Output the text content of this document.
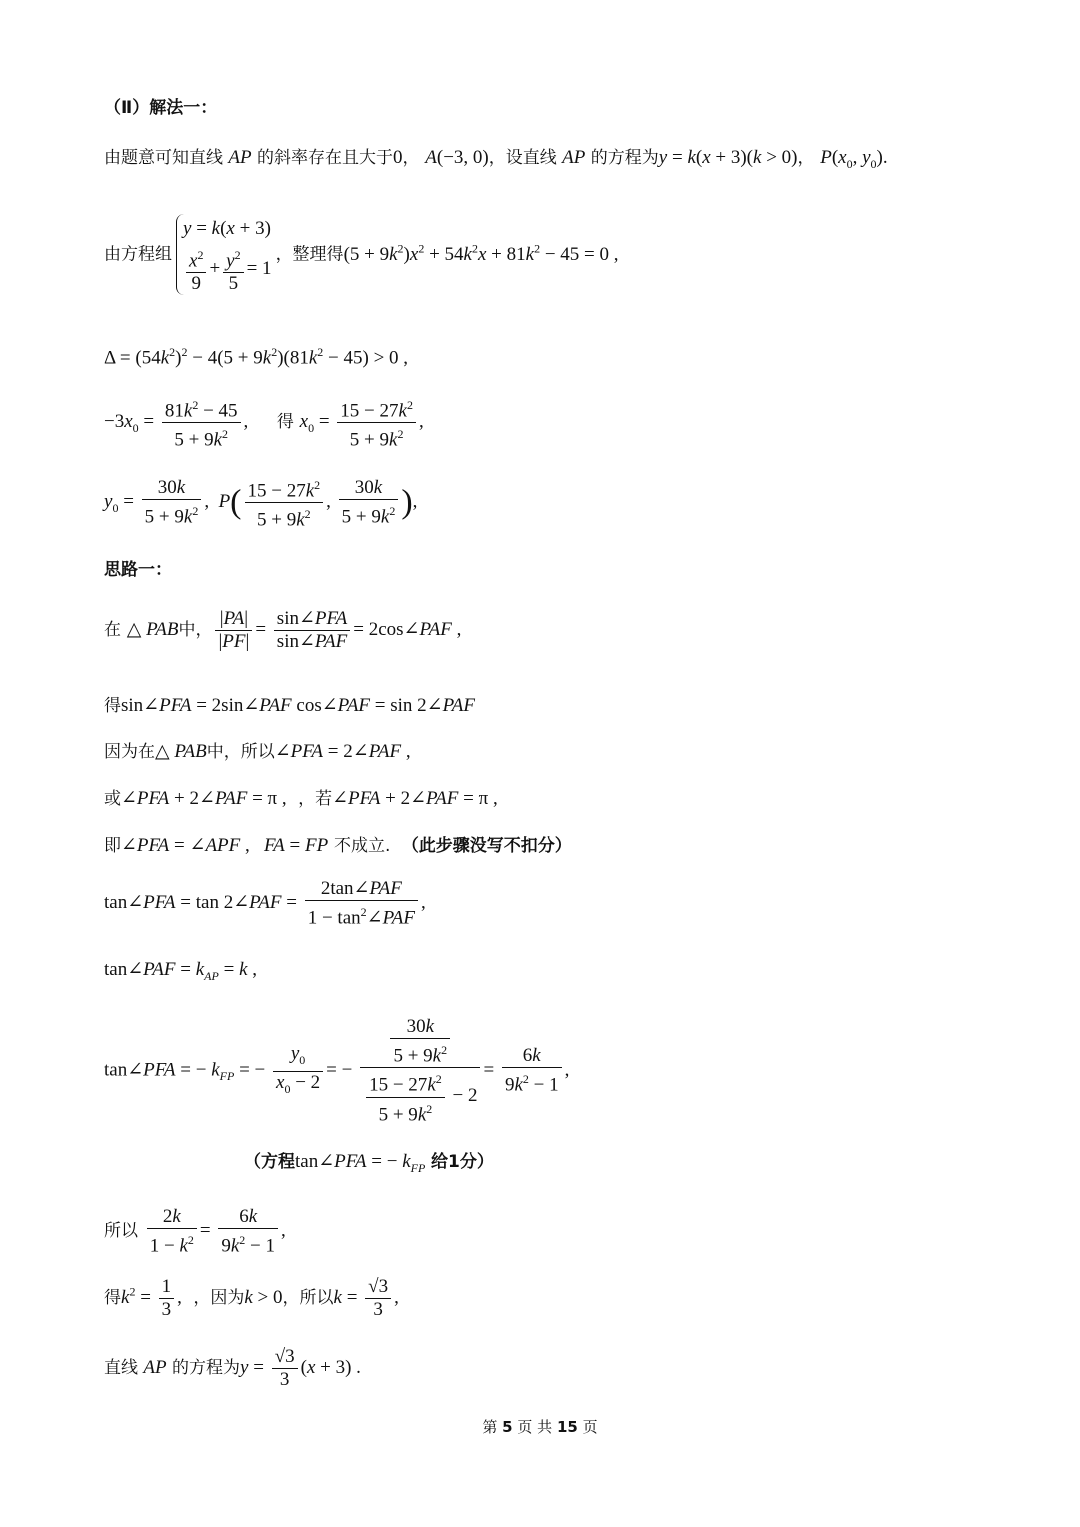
（Ⅱ）解法一：
由题意可知直线 AP 的斜率存在且大于0， A(−3, 0)，设直线 AP 的方程为y = k(x + 3)(k > 0)， $P(x_0$, $y_0$).
由方程组
y = k(x + 3)
$\frac{x^2}{9} + \frac{y^2}{5} = 1$
，整理得$(5 + 9k^2)x^2 + 54k^2x + 81k^2 - 45 = 0$ ,
$\Delta = (54k^2)^2 - 4(5 + 9k^2)(81k^2 - 45) > 0$ ,
$-3x_0 = \frac{81k^2 - 45}{5 + 9k^2}$ , 得 $x_0 = \frac{15 - 27k^2}{5 + 9k^2}$ ,
$y_0 = \frac{30k}{5 + 9k^2}$ ,  $P( \frac{15 - 27k^2}{5 + 9k^2}$ , $\frac{30k}{5 + 9k^2}$ ),
思路一：
在 △ PAB中， $\frac{|PA|}{|PF|} = \frac{\text{sin∠PFA}}{\text{sin∠PAF}}$ = 2cos∠PAF ,
得sin∠PFA = 2sin∠PAF cos∠PAF = sin 2∠PAF
因为在△ PAB中，所以∠PFA = 2∠PAF ,
或∠PFA + 2∠PAF = π , ，若∠PFA + 2∠PAF = π ,
即∠PFA = ∠APF ,   FA = FP 不成立. （此步骤没写不扣分）
tan∠PFA = tan 2∠PAF = $\frac{\text{2tan∠PAF}}{1 - \tan^2\angle PAF}$ ,
tan∠PAF = $k_{AP} = k$ ,
tan∠PFA = − $k_{FP}$ = − $\frac{y_0}{x_0 - 2}$ = − $\frac{\frac{30k}{5 + 9k^2}}{\frac{15 - 27k^2}{5 + 9k^2} - 2} = \frac{6k}{9k^2 - 1}$ ,
（方程tan∠PFA = − $k_{FP}$ 给1分）
所以 $\frac{2k}{1 - k^2} = \frac{6k}{9k^2 - 1}$ ,
得$k^2 = \frac{1}{3}$ , ，因为k > 0，所以$k = \frac{√3}{3}$ ,
直线 AP 的方程为$y = \frac{√3}{3} (x + 3)$ .
第 5 页 共 15 页
